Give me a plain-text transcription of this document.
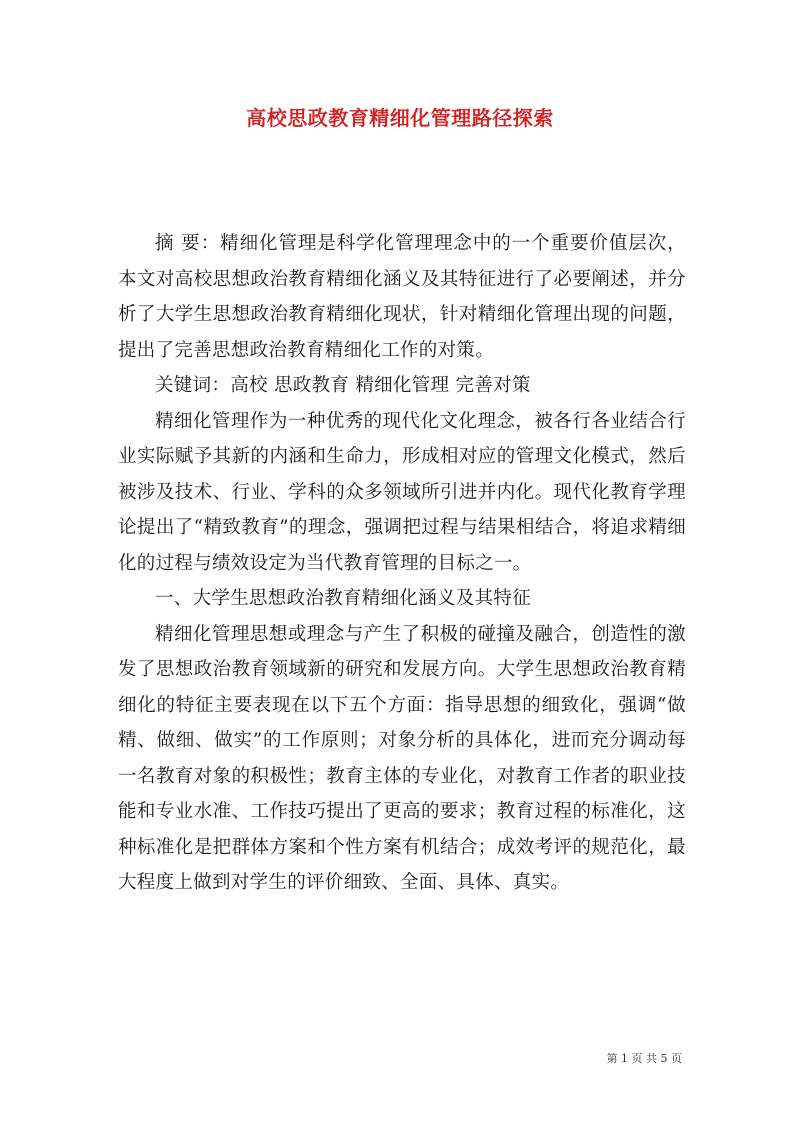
高校思政教育精细化管理路径探索

摘 要：精细化管理是科学化管理理念中的一个重要价值层次，本文对高校思想政治教育精细化涵义及其特征进行了必要阐述，并分析了大学生思想政治教育精细化现状，针对精细化管理出现的问题，提出了完善思想政治教育精细化工作的对策。

关键词：高校 思政教育 精细化管理 完善对策

精细化管理作为一种优秀的现代化文化理念，被各行各业结合行业实际赋予其新的内涵和生命力，形成相对应的管理文化模式，然后被涉及技术、行业、学科的众多领域所引进并内化。现代化教育学理论提出了“精致教育”的理念，强调把过程与结果相结合，将追求精细化的过程与绩效设定为当代教育管理的目标之一。

一、大学生思想政治教育精细化涵义及其特征

精细化管理思想或理念与产生了积极的碰撞及融合，创造性的激发了思想政治教育领域新的研究和发展方向。大学生思想政治教育精细化的特征主要表现在以下五个方面：指导思想的细致化，强调“做精、做细、做实”的工作原则；对象分析的具体化，进而充分调动每一名教育对象的积极性；教育主体的专业化，对教育工作者的职业技能和专业水准、工作技巧提出了更高的要求；教育过程的标准化，这种标准化是把群体方案和个性方案有机结合；成效考评的规范化，最大程度上做到对学生的评价细致、全面、具体、真实。

第 1 页 共 5 页
